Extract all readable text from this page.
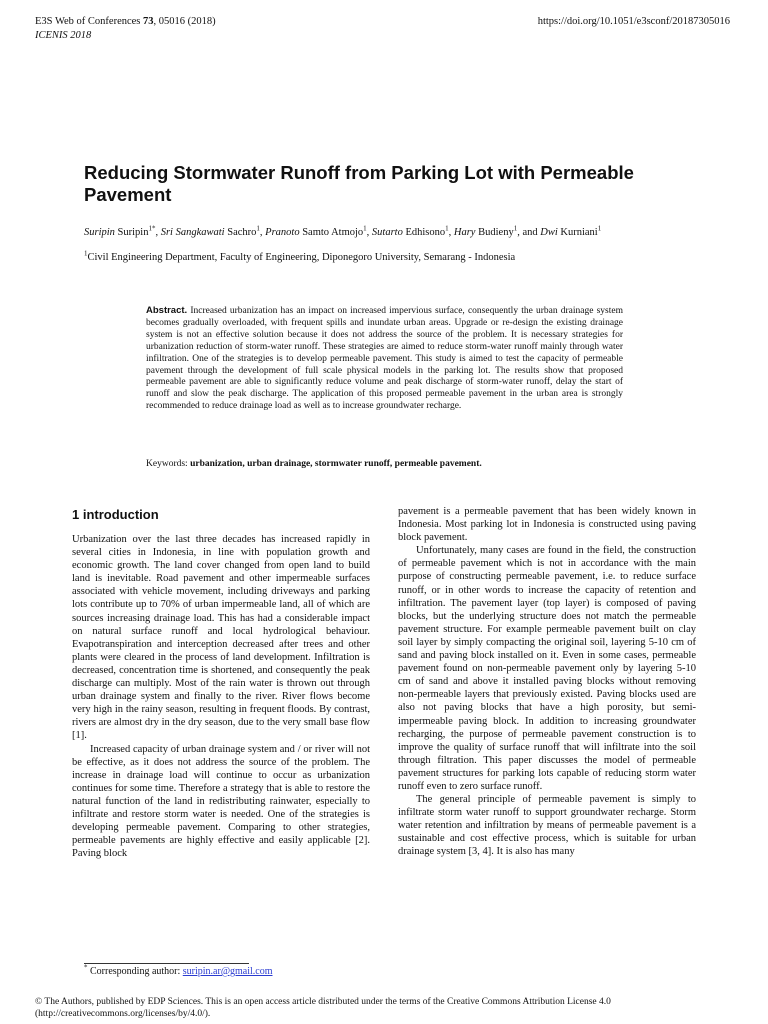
E3S Web of Conferences 73, 05016 (2018)
ICENIS 2018
https://doi.org/10.1051/e3sconf/20187305016
Reducing Stormwater Runoff from Parking Lot with Permeable Pavement
Suripin Suripin$^{1*}$, Sri Sangkawati Sachro$^1$, Pranoto Samto Atmojo$^1$, Sutarto Edhisono$^1$, Hary Budieny$^1$, and Dwi Kurniani$^1$
$^1$Civil Engineering Department, Faculty of Engineering, Diponegoro University, Semarang - Indonesia
Abstract. Increased urbanization has an impact on increased impervious surface, consequently the urban drainage system becomes gradually overloaded, with frequent spills and inundate urban areas. Upgrade or re-design the existing drainage system is not an effective solution because it does not address the source of the problem. It is necessary strategies for urbanization reduction of storm-water runoff. These strategies are aimed to reduce storm-water runoff mainly through water infiltration. One of the strategies is to develop permeable pavement. This study is aimed to test the capacity of permeable pavement through the development of full scale physical models in the parking lot. The results show that proposed permeable pavement are able to significantly reduce volume and peak discharge of storm-water runoff, delay the start of runoff and slow the peak discharge. The application of this proposed permeable pavement in the urban area is strongly recommended to reduce drainage load as well as to increase groundwater recharge.
Keywords: urbanization, urban drainage, stormwater runoff, permeable pavement.
1 introduction

Urbanization over the last three decades has increased rapidly in several cities in Indonesia, in line with population growth and economic growth. The land cover changed from open land to build land is inevitable. Road pavement and other impermeable surfaces associated with vehicle movement, including driveways and parking lots contribute up to 70% of urban impermeable land, all of which are sources increasing drainage load. This has had a considerable impact on natural surface runoff and local hydrological behaviour. Evapotranspiration and interception decreased after trees and other plants were cleared in the process of land development. Infiltration is decreased, concentration time is shortened, and consequently the peak discharge can multiply. Most of the rain water is thrown out through urban drainage system and finally to the river. River flows become very high in the rainy season, resulting in frequent floods. By contrast, rivers are almost dry in the dry season, due to the very small base flow [1].

Increased capacity of urban drainage system and / or river will not be effective, as it does not address the source of the problem. The increase in drainage load will continue to occur as urbanization continues for some time. Therefore a strategy that is able to restore the natural function of the land in redistributing rainwater, especially to infiltrate and restore storm water is needed. One of the strategies is developing permeable pavement. Comparing to other strategies, permeable pavements are highly effective and easily applicable [2]. Paving block

pavement is a permeable pavement that has been widely known in Indonesia. Most parking lot in Indonesia is constructed using paving block pavement.

Unfortunately, many cases are found in the field, the construction of permeable pavement which is not in accordance with the main purpose of constructing permeable pavement, i.e. to reduce surface runoff, or in other words to increase the capacity of retention and infiltration. The pavement layer (top layer) is composed of paving blocks, but the underlying structure does not match the permeable pavement structure. For example permeable pavement built on clay soil layer by simply compacting the original soil, layering 5-10 cm of sand and paving block installed on it. Even in some cases, permeable pavement found on non-permeable pavement only by layering 5-10 cm of sand and above it installed paving blocks without removing non-permeable layers that previously existed. Paving blocks used are also not paving blocks that have a high porosity, but semi-impermeable paving block. In addition to increasing groundwater recharging, the purpose of permeable pavement construction is to improve the quality of surface runoff that will infiltrate into the soil through filtration. This paper discusses the model of permeable pavement structures for parking lots capable of reducing storm water runoff even to zero surface runoff.

The general principle of permeable pavement is simply to infiltrate storm water runoff to support groundwater recharge. Storm water retention and infiltration by means of permeable pavement is a sustainable and cost effective process, which is suitable for urban drainage system [3, 4]. It is also has many

* Corresponding author: suripin.ar@gmail.com
© The Authors, published by EDP Sciences. This is an open access article distributed under the terms of the Creative Commons Attribution License 4.0 (http://creativecommons.org/licenses/by/4.0/).
